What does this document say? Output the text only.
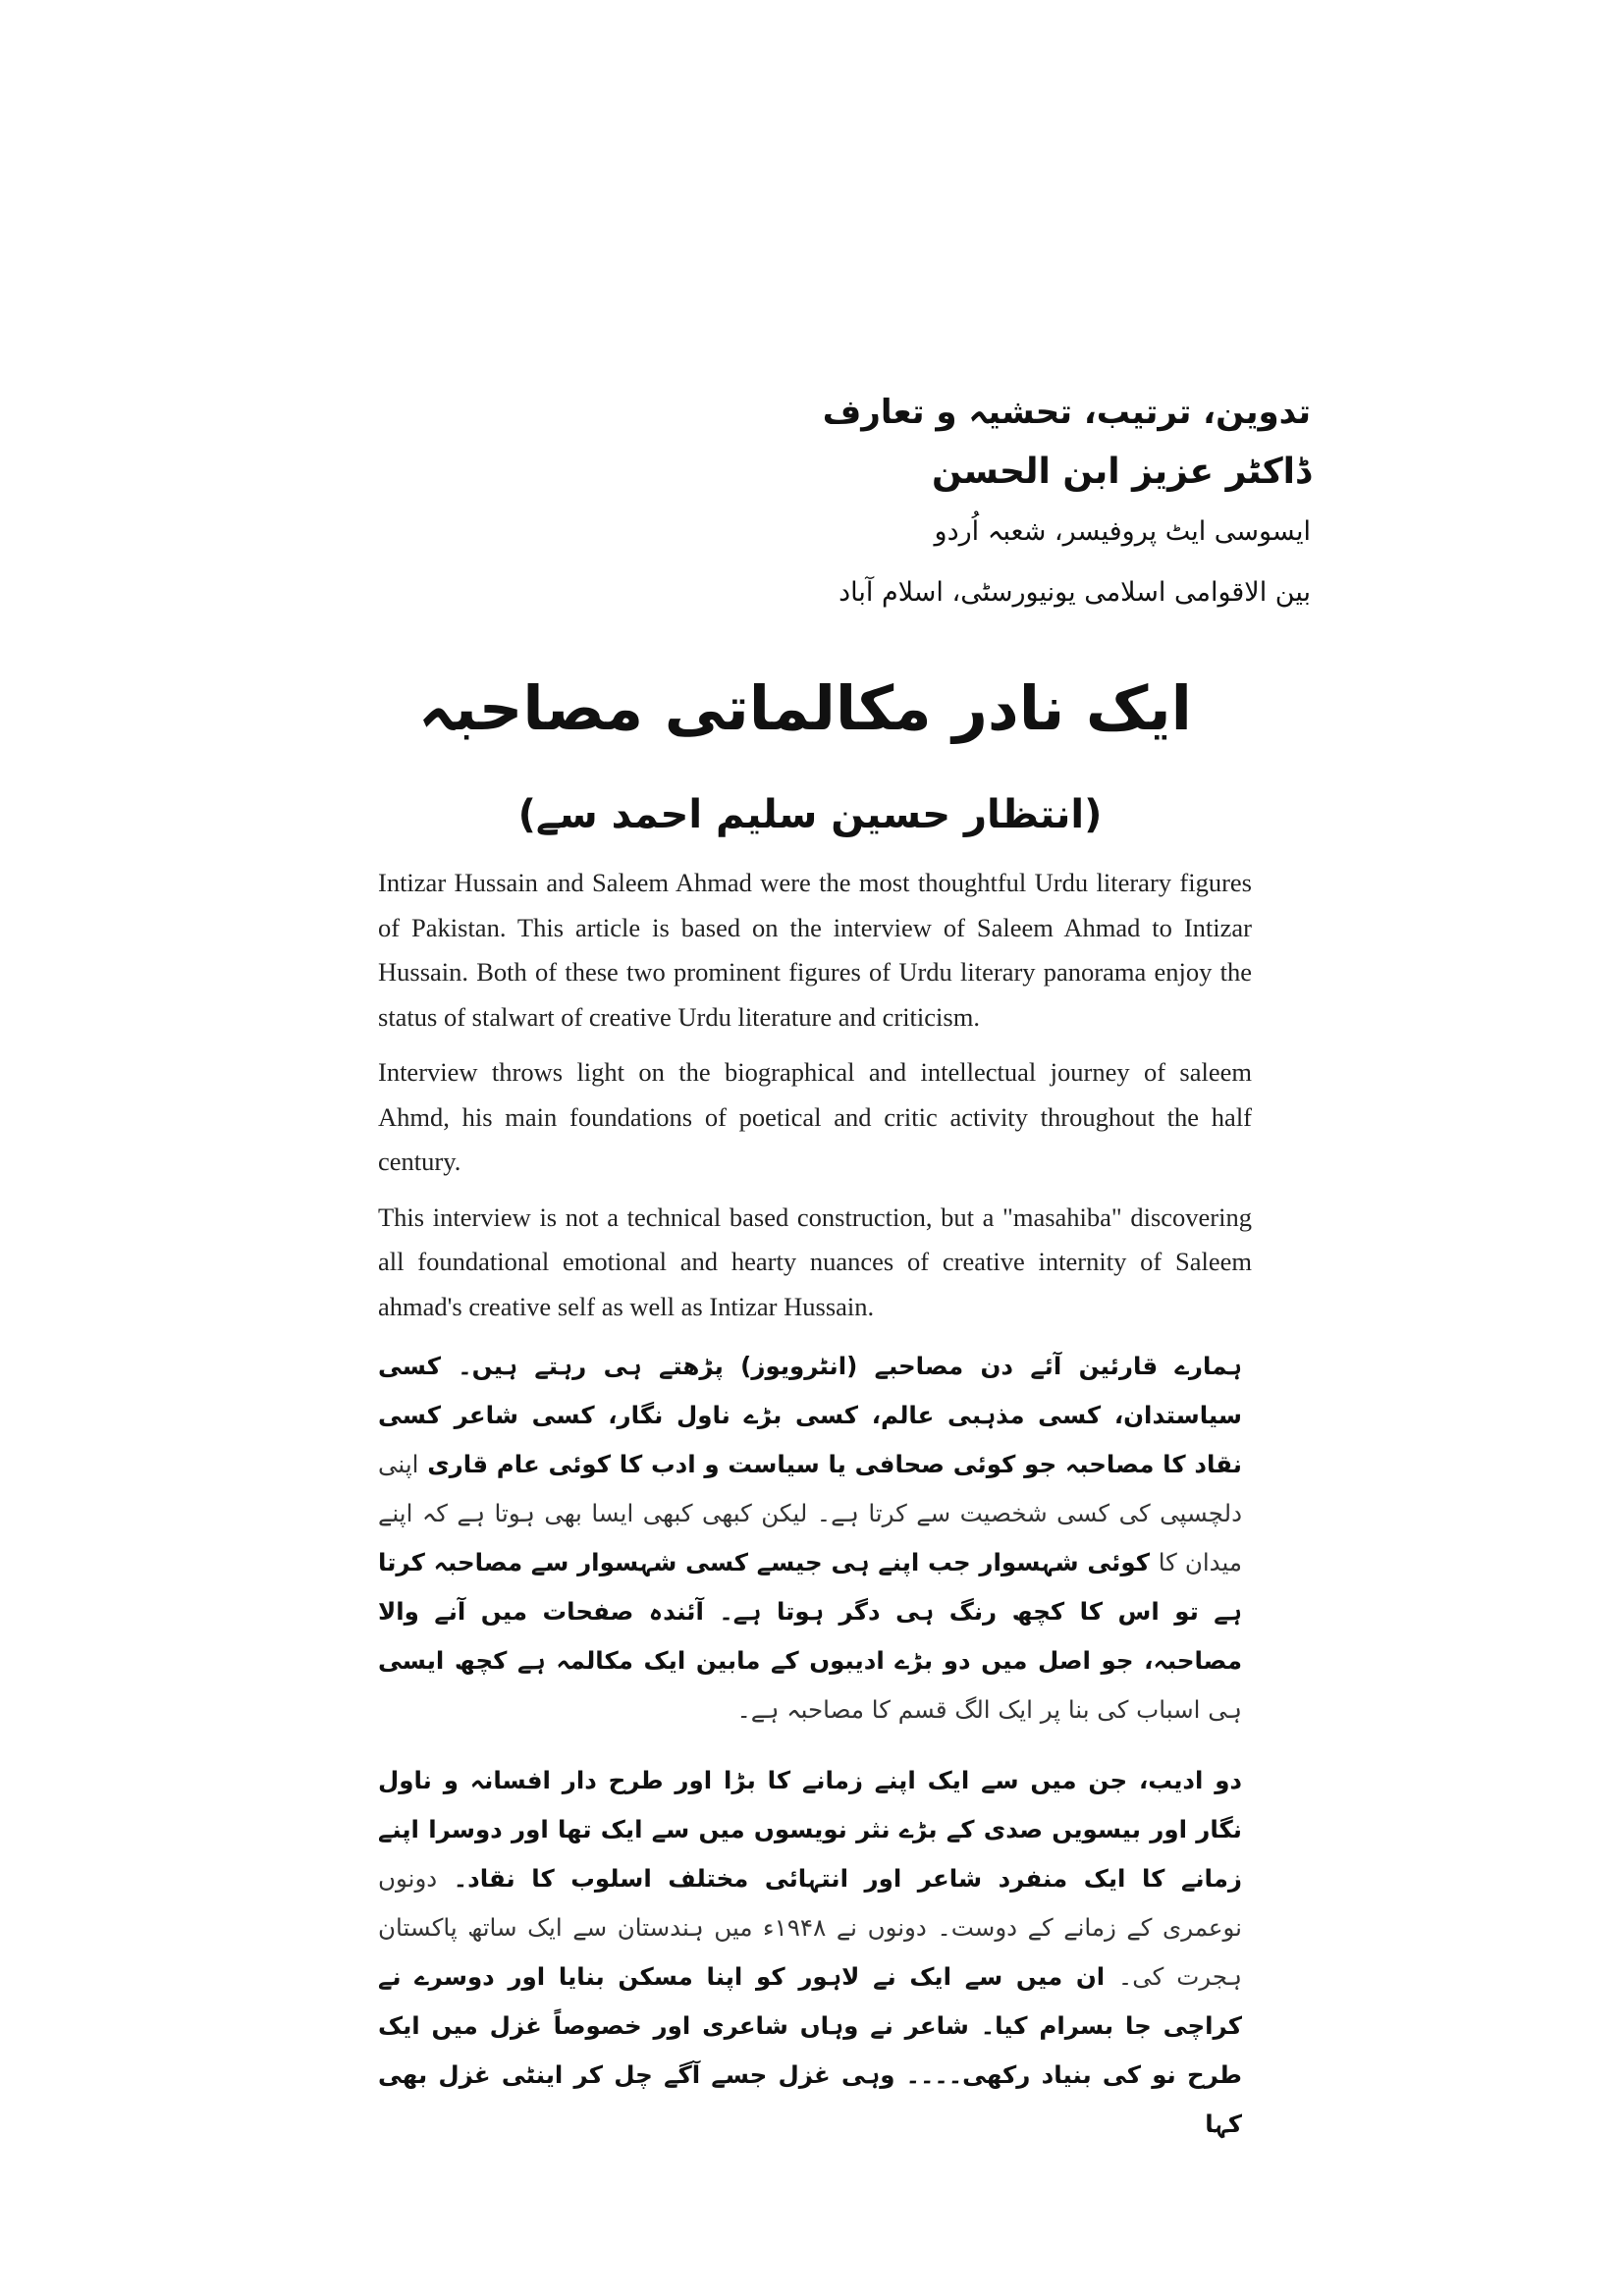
تدوین، ترتیب، تحشیہ و تعارف
ڈاکٹر عزیز ابن الحسن
ایسوسی ایٹ پروفیسر، شعبہ اُردو
بین الاقوامی اسلامی یونیورسٹی، اسلام آباد
ایک نادر مکالماتی مصاحبہ
(انتظار حسین سلیم احمد سے)

Intizar Hussain and Saleem Ahmad were the most thoughtful Urdu literary figures of Pakistan. This article is based on the interview of Saleem Ahmad to Intizar Hussain. Both of these two prominent figures of Urdu literary panorama enjoy the status of stalwart of creative Urdu literature and criticism.

Interview throws light on the biographical and intellectual journey of saleem Ahmd, his main foundations of poetical and critic activity throughout the half century.

This interview is not a technical based construction, but a "masahiba" discovering all foundational emotional and hearty nuances of creative internity of Saleem ahmad's creative self as well as Intizar Hussain.

ہمارے قارئین آئے دن مصاحبے (انٹرویوز) پڑھتے ہی رہتے ہیں۔ کسی سیاستدان، کسی مذہبی عالم، کسی بڑے ناول نگار، کسی شاعر کسی نقاد کا مصاحبہ جو کوئی صحافی یا سیاست و ادب کا کوئی عام قاری اپنی دلچسپی کی کسی شخصیت سے کرتا ہے۔ لیکن کبھی کبھی ایسا بھی ہوتا ہے کہ اپنے میدان کا کوئی شہسوار جب اپنے ہی جیسے کسی شہسوار سے مصاحبہ کرتا ہے تو اس کا کچھ رنگ ہی دگر ہوتا ہے۔ آئندہ صفحات میں آنے والا مصاحبہ، جو اصل میں دو بڑے ادیبوں کے مابین ایک مکالمہ ہے کچھ ایسی ہی اسباب کی بنا پر ایک الگ قسم کا مصاحبہ ہے۔

دو ادیب، جن میں سے ایک اپنے زمانے کا بڑا اور طرح دار افسانہ و ناول نگار اور بیسویں صدی کے بڑے نثر نویسوں میں سے ایک تھا اور دوسرا اپنے زمانے کا ایک منفرد شاعر اور انتہائی مختلف اسلوب کا نقاد۔ دونوں نوعمری کے زمانے کے دوست۔ دونوں نے ۱۹۴۸ء میں ہندستان سے ایک ساتھ پاکستان ہجرت کی۔ ان میں سے ایک نے لاہور کو اپنا مسکن بنایا اور دوسرے نے کراچی جا بسرام کیا۔ شاعر نے وہاں شاعری اور خصوصاً غزل میں ایک طرح نو کی بنیاد رکھی۔۔۔۔ وہی غزل جسے آگے چل کر اینٹی غزل بھی کہا
